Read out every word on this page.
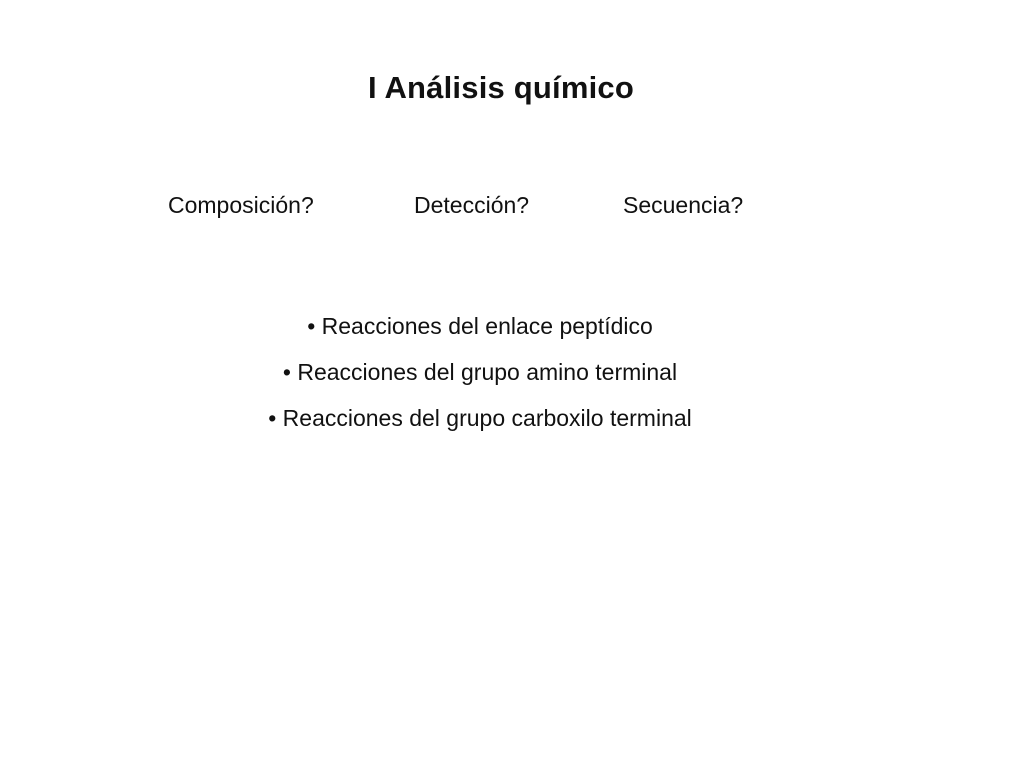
I Análisis químico
Composición?	Detección?	Secuencia?
• Reacciones del enlace peptídico
• Reacciones del grupo amino terminal
• Reacciones del grupo carboxilo terminal
